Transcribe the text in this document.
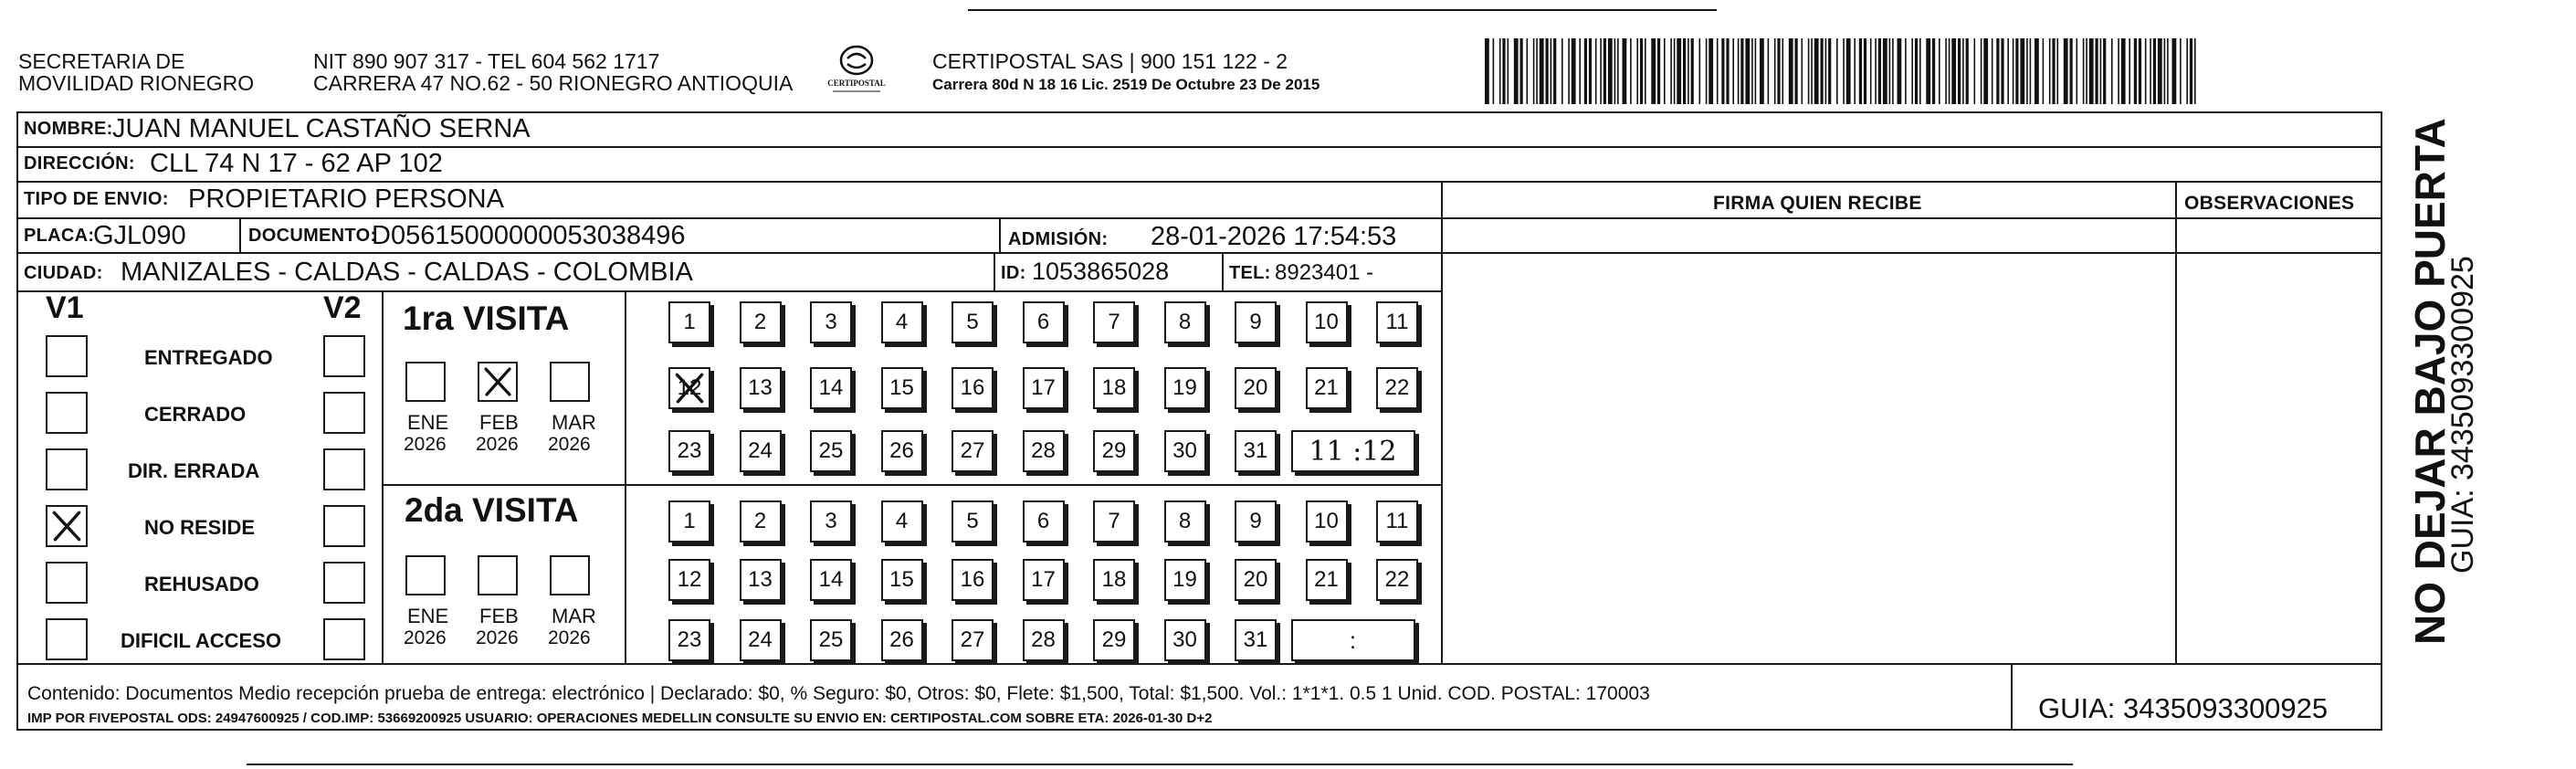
SECRETARIA DE
MOVILIDAD RIONEGRO
NIT 890 907 317 - TEL 604 562 1717
CARRERA 47 NO.62 - 50 RIONEGRO ANTIOQUIA	CERTIPOSTAL
CERTIPOSTAL SAS | 900 151 122 - 2
Carrera 80d N 18 16 Lic. 2519 De Octubre 23 De 2015
NOMBRE: JUAN MANUEL CASTAÑO SERNA
DIRECCIÓN: CLL 74 N 17 - 62 AP 102
TIPO DE ENVIO: PROPIETARIO PERSONA	FIRMA QUIEN RECIBE	OBSERVACIONES
PLACA:
GJL090	DOCUMENTO:
D05615000000053038496	ADMISIÓN: 28-01-2026 17:54:53
CIUDAD: MANIZALES - CALDAS - CALDAS - COLOMBIA	ID: 1053865028	TEL: 8923401 -
V1	V2
ENTREGADO
CERRADO
DIR. ERRADA
NO RESIDE
REHUSADO
DIFICIL ACCESO
1ra VISITA
2da VISITA
ENE
2026
FEB
2026
MAR
2026
ENE
2026
FEB
2026
MAR
2026
1	2	3	4	5	6	7	8	9 10 11
12 13 14 15 16 17 18 19 20 21 22
23 24 25 26 27 28 29 30 31	11 :12
1	2	3	4	5	6	7	8	9 10 11
12 13 14 15 16 17 18 19 20 21 22
23 24 25 26 27 28 29 30 31	:
Contenido: Documentos Medio recepción prueba de entrega: electrónico | Declarado: $0, % Seguro: $0, Otros: $0, Flete: $1,500, Total: $1,500. Vol.: 1*1*1. 0.5 1 Unid. COD. POSTAL: 170003
IMP POR FIVEPOSTAL ODS: 24947600925 / COD.IMP: 53669200925 USUARIO: OPERACIONES MEDELLIN CONSULTE SU ENVIO EN: CERTIPOSTAL.COM SOBRE ETA: 2026-01-30 D+2	GUIA: 3435093300925
NO DEJAR BAJO PUERTA
GUIA: 3435093300925
